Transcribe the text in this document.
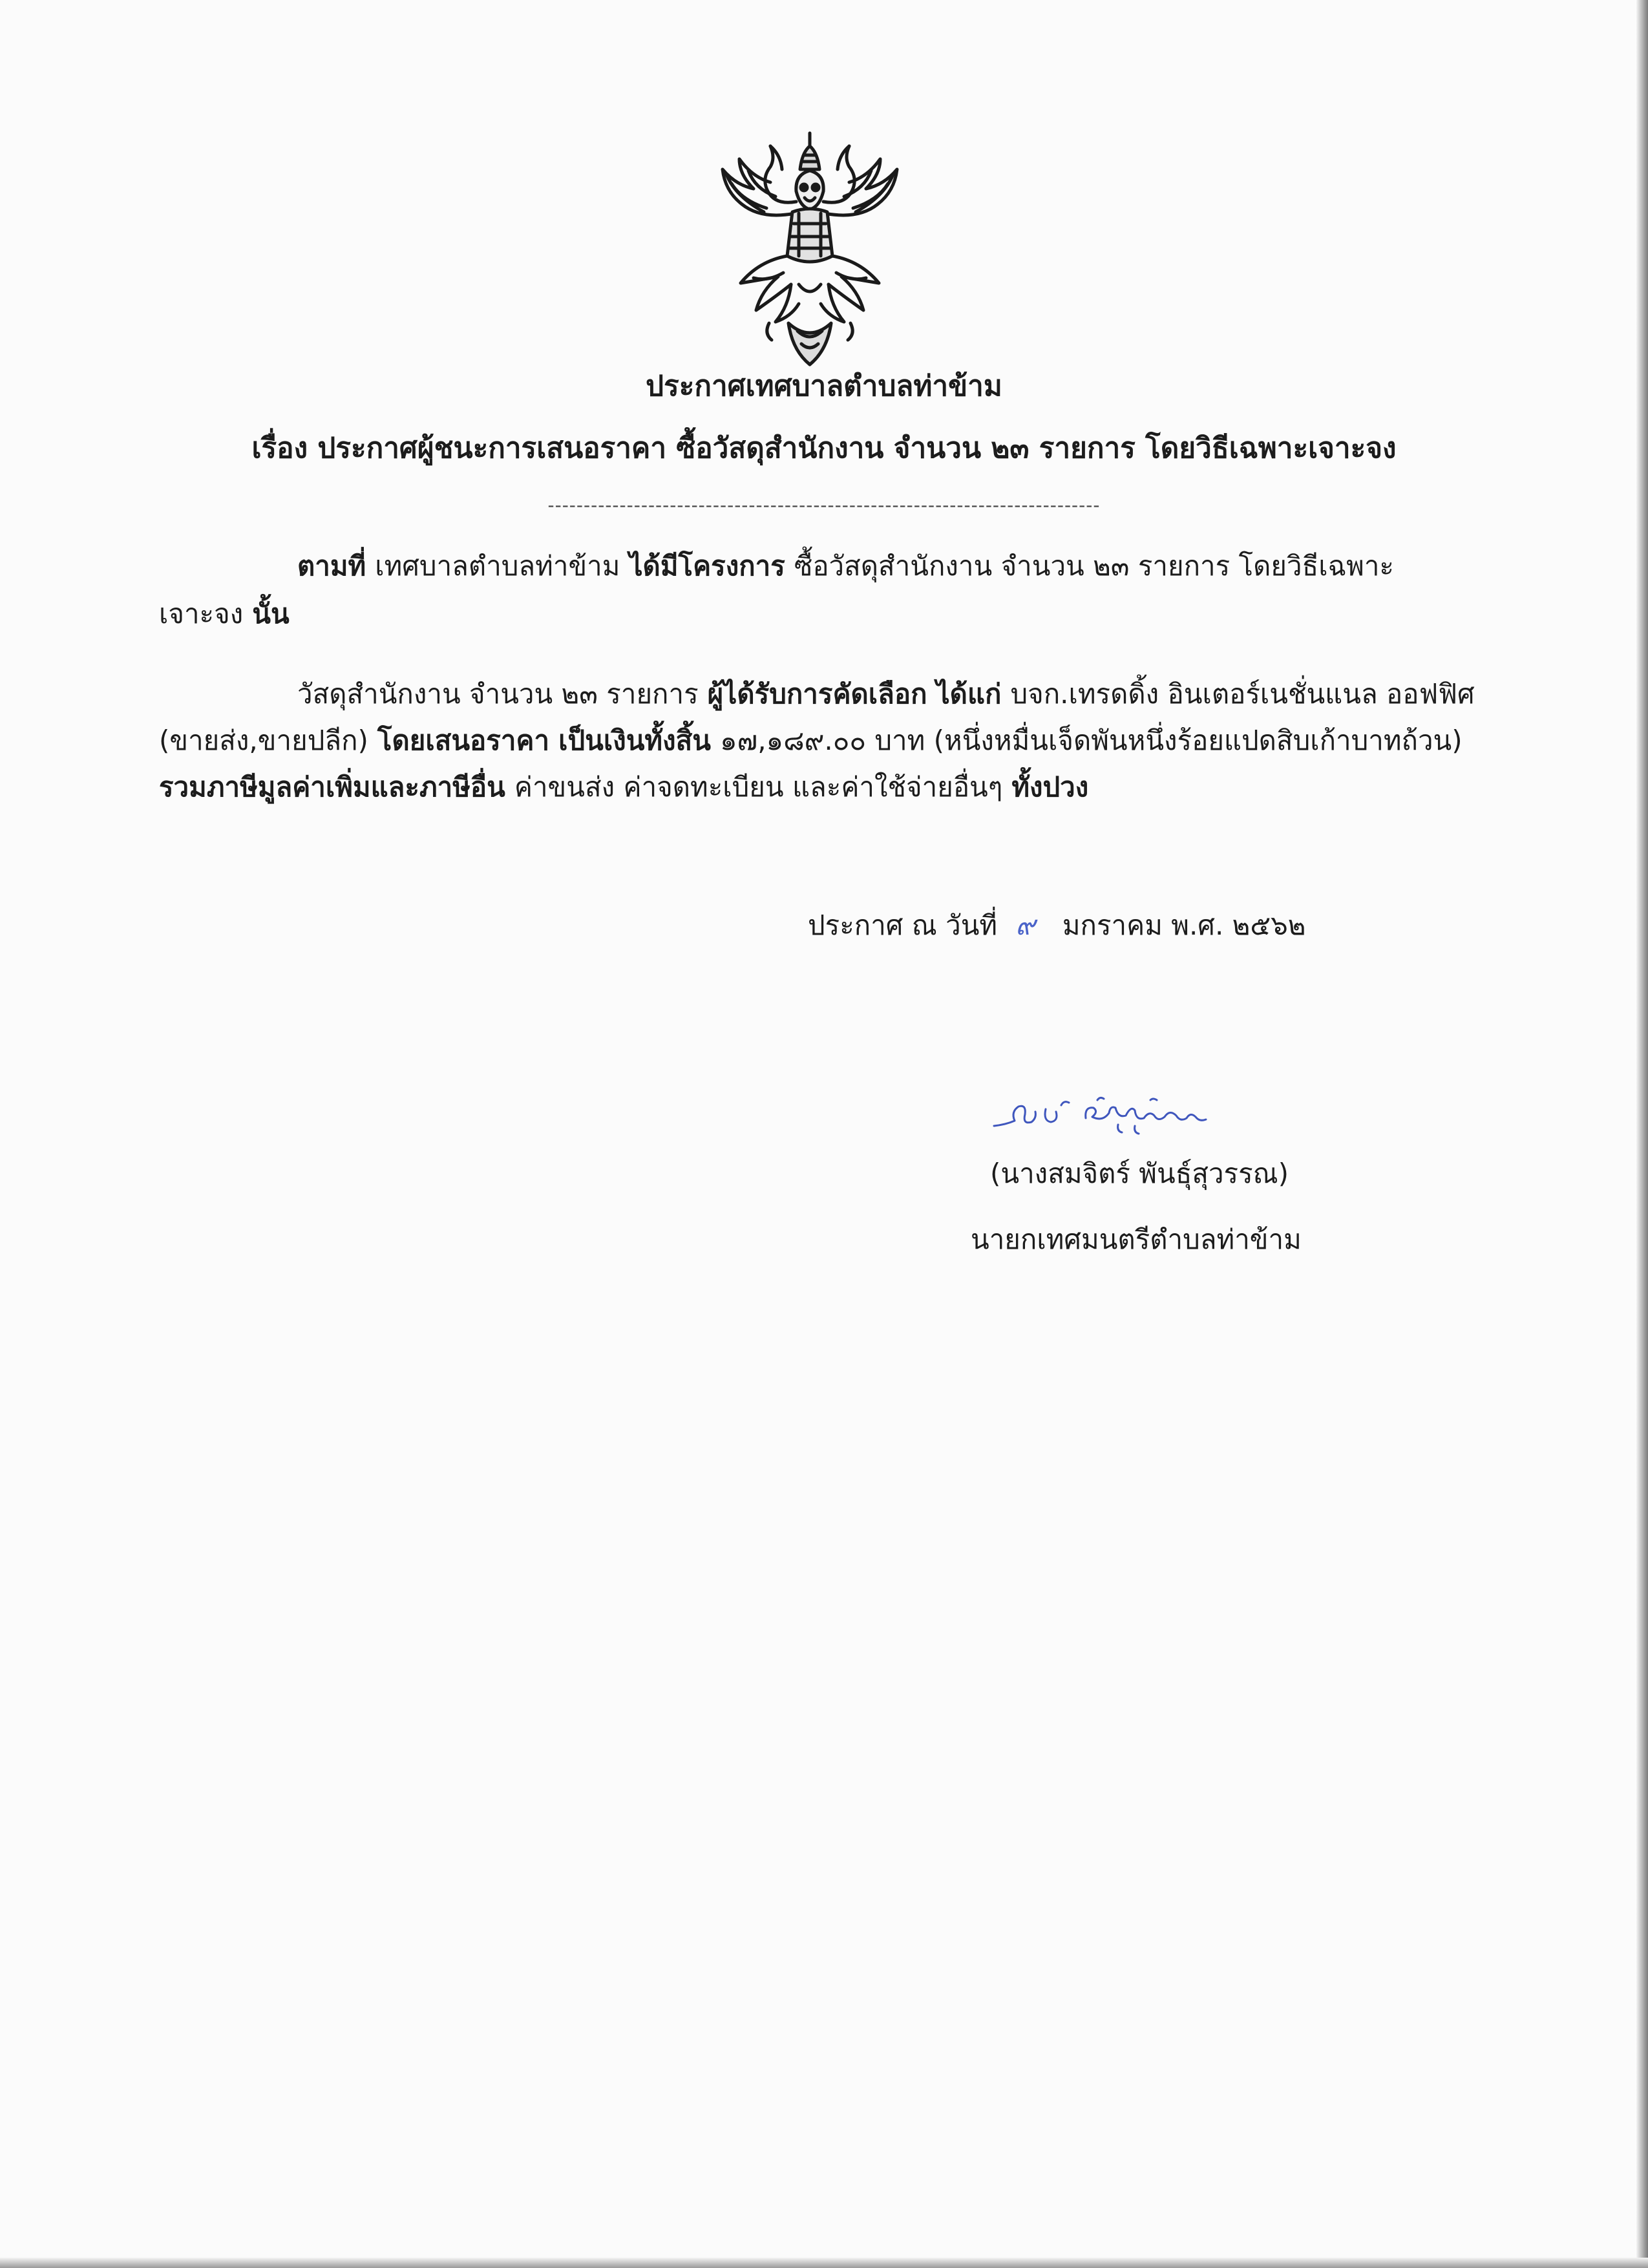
ประกาศเทศบาลตำบลท่าข้าม
เรื่อง ประกาศผู้ชนะการเสนอราคา ซื้อวัสดุสำนักงาน จำนวน ๒๓ รายการ โดยวิธีเฉพาะเจาะจง
-----------------------------------------------------------------------------
ตามที่ เทศบาลตำบลท่าข้าม ได้มีโครงการ ซื้อวัสดุสำนักงาน จำนวน ๒๓ รายการ โดยวิธีเฉพาะ
เจาะจง นั้น
วัสดุสำนักงาน จำนวน ๒๓ รายการ ผู้ได้รับการคัดเลือก ได้แก่ บจก.เทรดดิ้ง อินเตอร์เนชั่นแนล ออฟฟิศ
(ขายส่ง,ขายปลีก) โดยเสนอราคา เป็นเงินทั้งสิ้น ๑๗,๑๘๙.๐๐ บาท (หนึ่งหมื่นเจ็ดพันหนึ่งร้อยแปดสิบเก้าบาทถ้วน)
รวมภาษีมูลค่าเพิ่มและภาษีอื่น ค่าขนส่ง ค่าจดทะเบียน และค่าใช้จ่ายอื่นๆ ทั้งปวง
ประกาศ ณ วันที่ ๙ มกราคม พ.ศ. ๒๕๖๒
(นางสมจิตร์ พันธุ์สุวรรณ)
นายกเทศมนตรีตำบลท่าข้าม
